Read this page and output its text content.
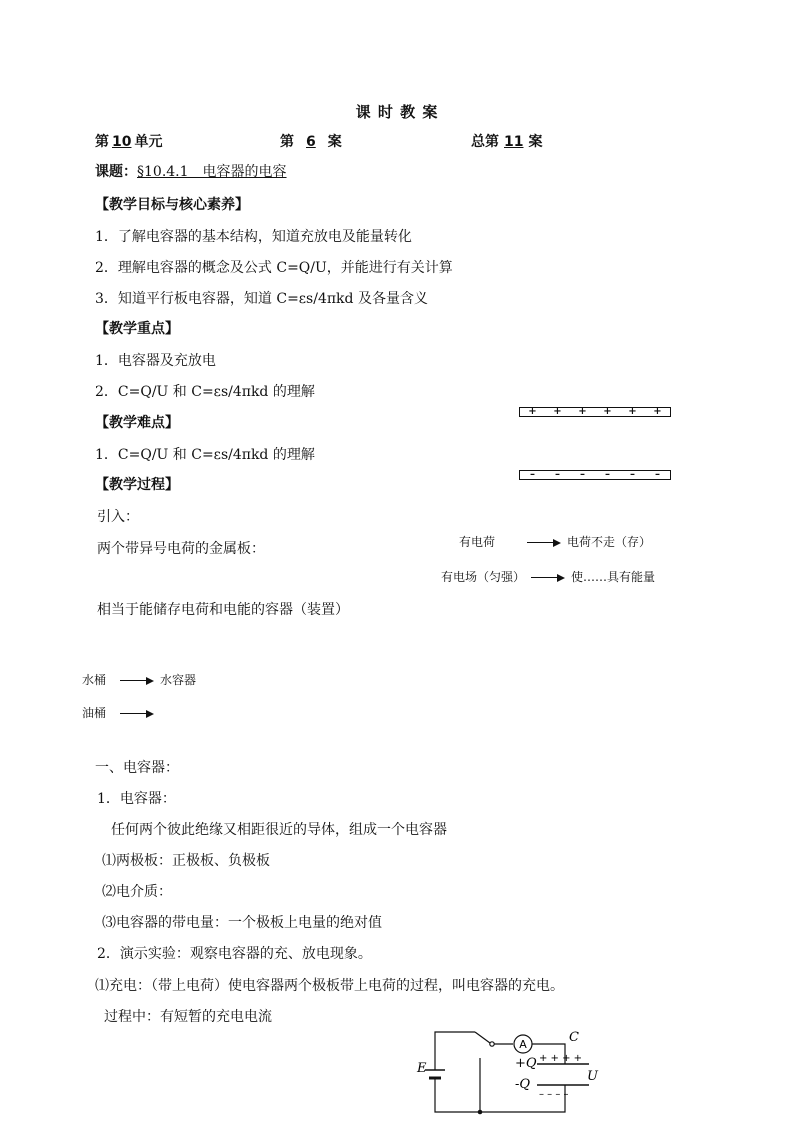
课 时 教 案
第 10 单元	第 6 案	总第 11 案
课题：§10.4.1　电容器的电容
【教学目标与核心素养】
1．了解电容器的基本结构，知道充放电及能量转化
2．理解电容器的概念及公式 C=Q/U，并能进行有关计算
3．知道平行板电容器，知道 C=εs/4πkd 及各量含义
【教学重点】
1．电容器及充放电
2．C=Q/U 和 C=εs/4πkd 的理解
【教学难点】
1．C=Q/U 和 C=εs/4πkd 的理解
【教学过程】
+ + + + + +
– – – – – –
引入：
两个带异号电荷的金属板：	有电荷	电荷不走（存）
有电场（匀强）	使……具有能量
相当于能储存电荷和电能的容器（装置）
水桶	水容器
油桶
一、电容器：
1．电容器：
任何两个彼此绝缘又相距很近的导体，组成一个电容器
⑴两极板：正极板、负极板
⑵电介质：
⑶电容器的带电量：一个极板上电量的绝对值
2．演示实验：观察电容器的充、放电现象。
⑴充电：（带上电荷）使电容器两个极板带上电荷的过程，叫电容器的充电。
过程中：有短暂的充电电流
A	C
+Q
-Q
U
E
+ + + +
– – – –
